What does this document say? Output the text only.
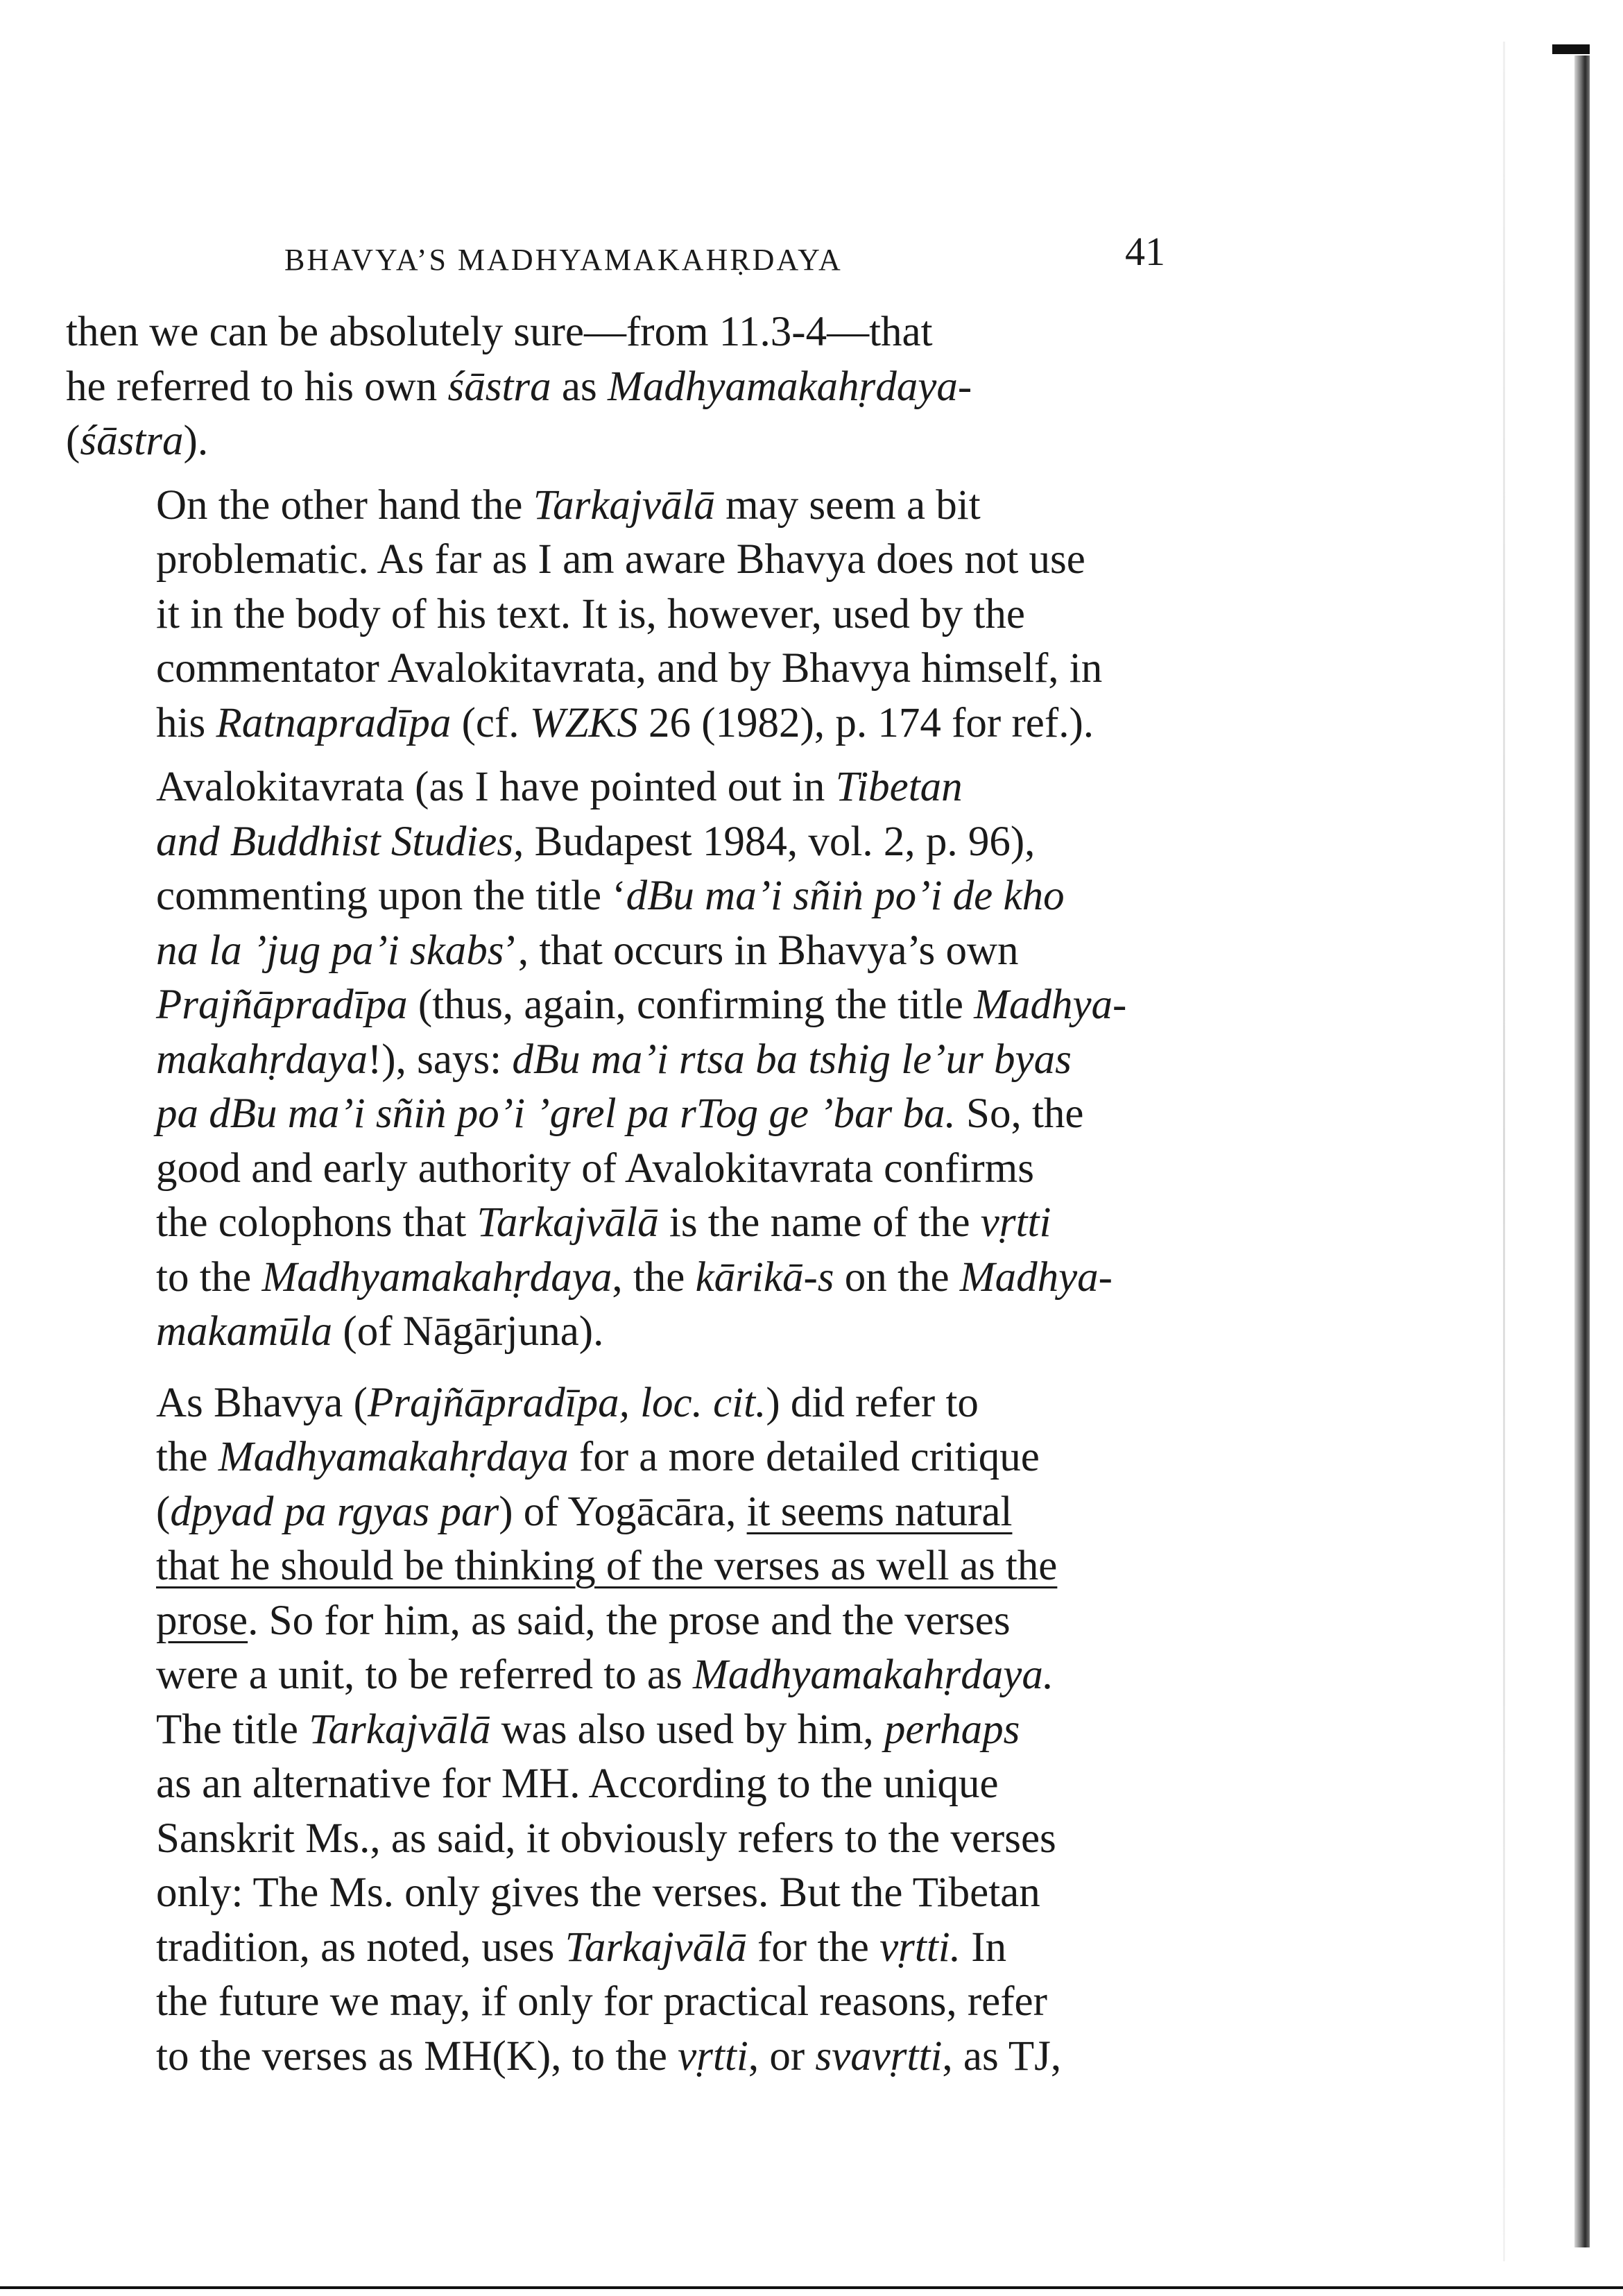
BHAVYA’S MADHYAMAKAHṚDAYA	41

then we can be absolutely sure—from 11.3-4—that
he referred to his own śāstra as Madhyamakahṛdaya-
(śāstra).

On the other hand the Tarkajvālā may seem a bit
problematic. As far as I am aware Bhavya does not use
it in the body of his text. It is, however, used by the
commentator Avalokitavrata, and by Bhavya himself, in
his Ratnapradīpa (cf. WZKS 26 (1982), p. 174 for ref.).

Avalokitavrata (as I have pointed out in Tibetan
and Buddhist Studies, Budapest 1984, vol. 2, p. 96),
commenting upon the title ‘dBu ma’i sñiṅ po’i de kho
na la ’jug pa’i skabs’, that occurs in Bhavya’s own
Prajñāpradīpa (thus, again, confirming the title Madhya-
makahṛdaya!), says: dBu ma’i rtsa ba tshig le’ur byas
pa dBu ma’i sñiṅ po’i ’grel pa rTog ge ’bar ba. So, the
good and early authority of Avalokitavrata confirms
the colophons that Tarkajvālā is the name of the vṛtti
to the Madhyamakahṛdaya, the kārikā-s on the Madhya-
makamūla (of Nāgārjuna).

As Bhavya (Prajñāpradīpa, loc. cit.) did refer to
the Madhyamakahṛdaya for a more detailed critique
(dpyad pa rgyas par) of Yogācāra, it seems natural
that he should be thinking of the verses as well as the
prose. So for him, as said, the prose and the verses
were a unit, to be referred to as Madhyamakahṛdaya.
The title Tarkajvālā was also used by him, perhaps
as an alternative for MH. According to the unique
Sanskrit Ms., as said, it obviously refers to the verses
only: The Ms. only gives the verses. But the Tibetan
tradition, as noted, uses Tarkajvālā for the vṛtti. In
the future we may, if only for practical reasons, refer
to the verses as MH(K), to the vṛtti, or svavṛtti, as TJ,
